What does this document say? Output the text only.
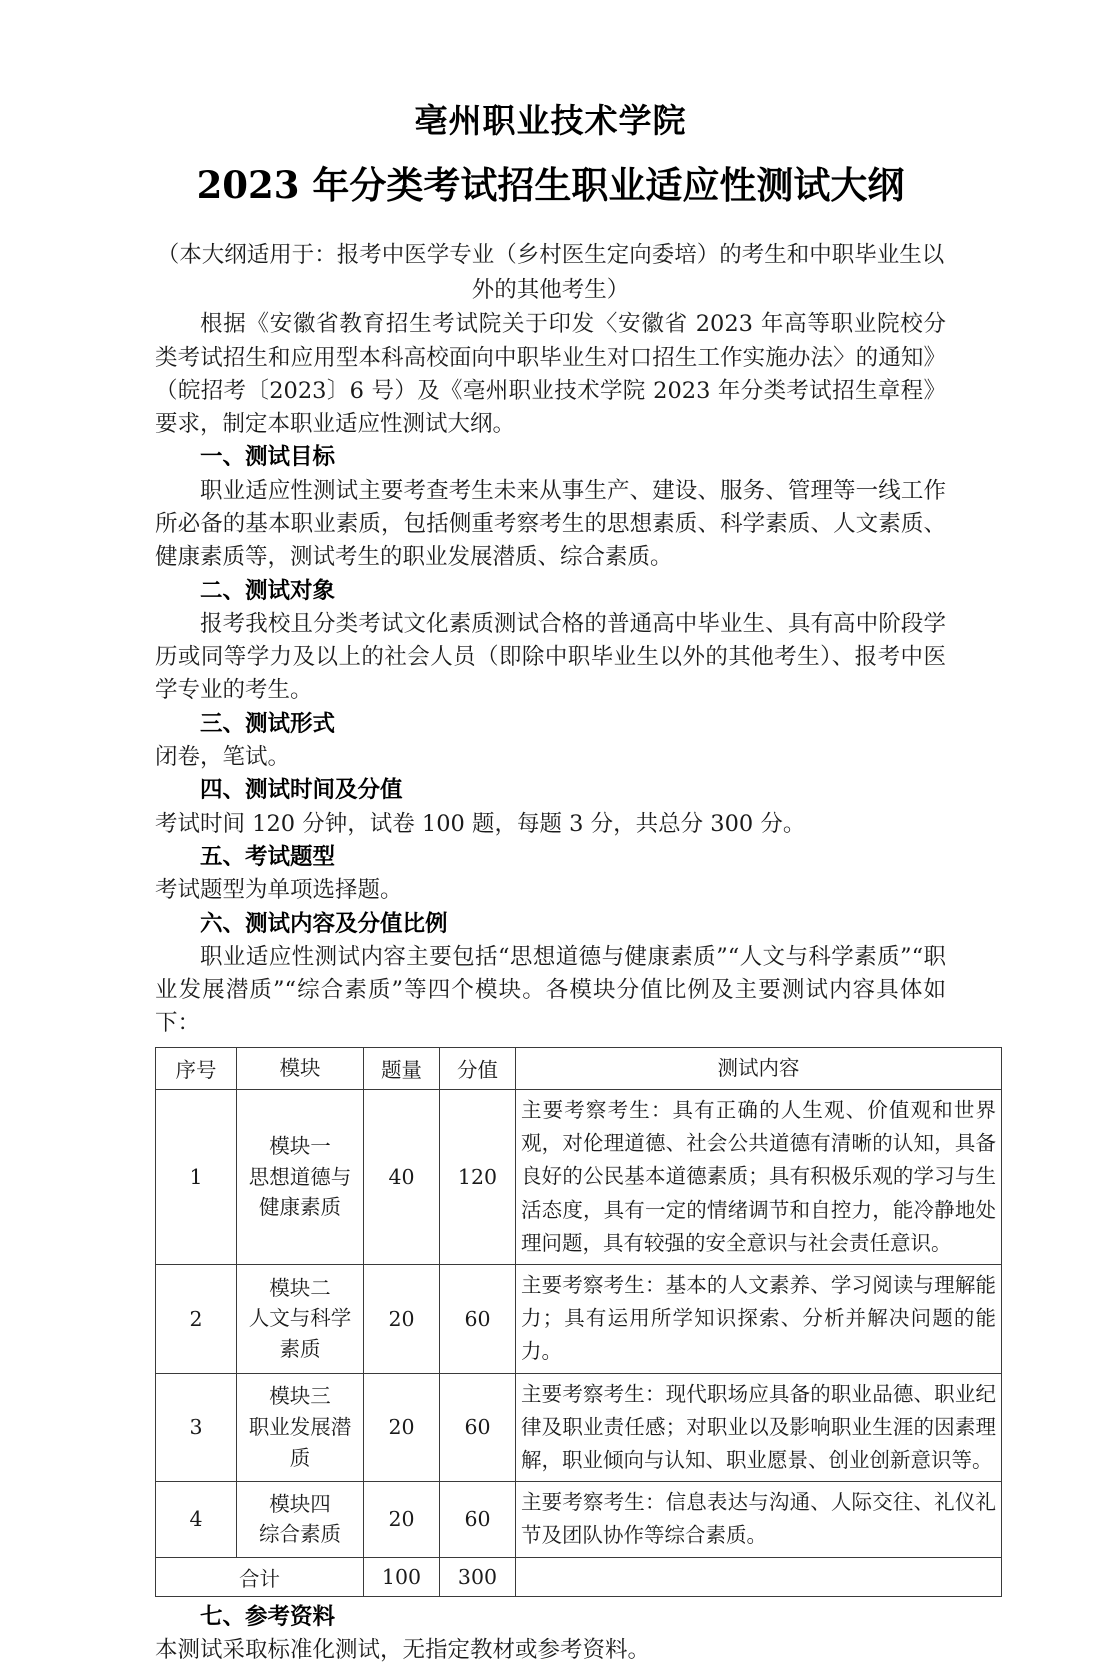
亳州职业技术学院
2023 年分类考试招生职业适应性测试大纲
（本大纲适用于：报考中医学专业（乡村医生定向委培）的考生和中职毕业生以外的其他考生）

根据《安徽省教育招生考试院关于印发〈安徽省 2023 年高等职业院校分类考试招生和应用型本科高校面向中职毕业生对口招生工作实施办法〉的通知》（皖招考〔2023〕6 号）及《亳州职业技术学院 2023 年分类考试招生章程》要求，制定本职业适应性测试大纲。

一、测试目标

职业适应性测试主要考查考生未来从事生产、建设、服务、管理等一线工作所必备的基本职业素质，包括侧重考察考生的思想素质、科学素质、人文素质、健康素质等，测试考生的职业发展潜质、综合素质。

二、测试对象

报考我校且分类考试文化素质测试合格的普通高中毕业生、具有高中阶段学历或同等学力及以上的社会人员（即除中职毕业生以外的其他考生）、报考中医学专业的考生。

三、测试形式

闭卷，笔试。

四、测试时间及分值

考试时间 120 分钟，试卷 100 题，每题 3 分，共总分 300 分。

五、考试题型

考试题型为单项选择题。

六、测试内容及分值比例

职业适应性测试内容主要包括“思想道德与健康素质”“人文与科学素质”“职业发展潜质”“综合素质”等四个模块。各模块分值比例及主要测试内容具体如下：

序号	模块	题量	分值	测试内容
1	模块一
思想道德与
健康素质	40	120	主要考察考生：具有正确的人生观、价值观和世界观，对伦理道德、社会公共道德有清晰的认知，具备良好的公民基本道德素质；具有积极乐观的学习与生活态度，具有一定的情绪调节和自控力，能冷静地处理问题，具有较强的安全意识与社会责任意识。
2	模块二
人文与科学
素质	20	60	主要考察考生：基本的人文素养、学习阅读与理解能力；具有运用所学知识探索、分析并解决问题的能力。
3	模块三
职业发展潜
质	20	60	主要考察考生：现代职场应具备的职业品德、职业纪律及职业责任感；对职业以及影响职业生涯的因素理解，职业倾向与认知、职业愿景、创业创新意识等。
4	模块四
综合素质	20	60	主要考察考生：信息表达与沟通、人际交往、礼仪礼节及团队协作等综合素质。
合计		100	300	
七、参考资料

本测试采取标准化测试，无指定教材或参考资料。
